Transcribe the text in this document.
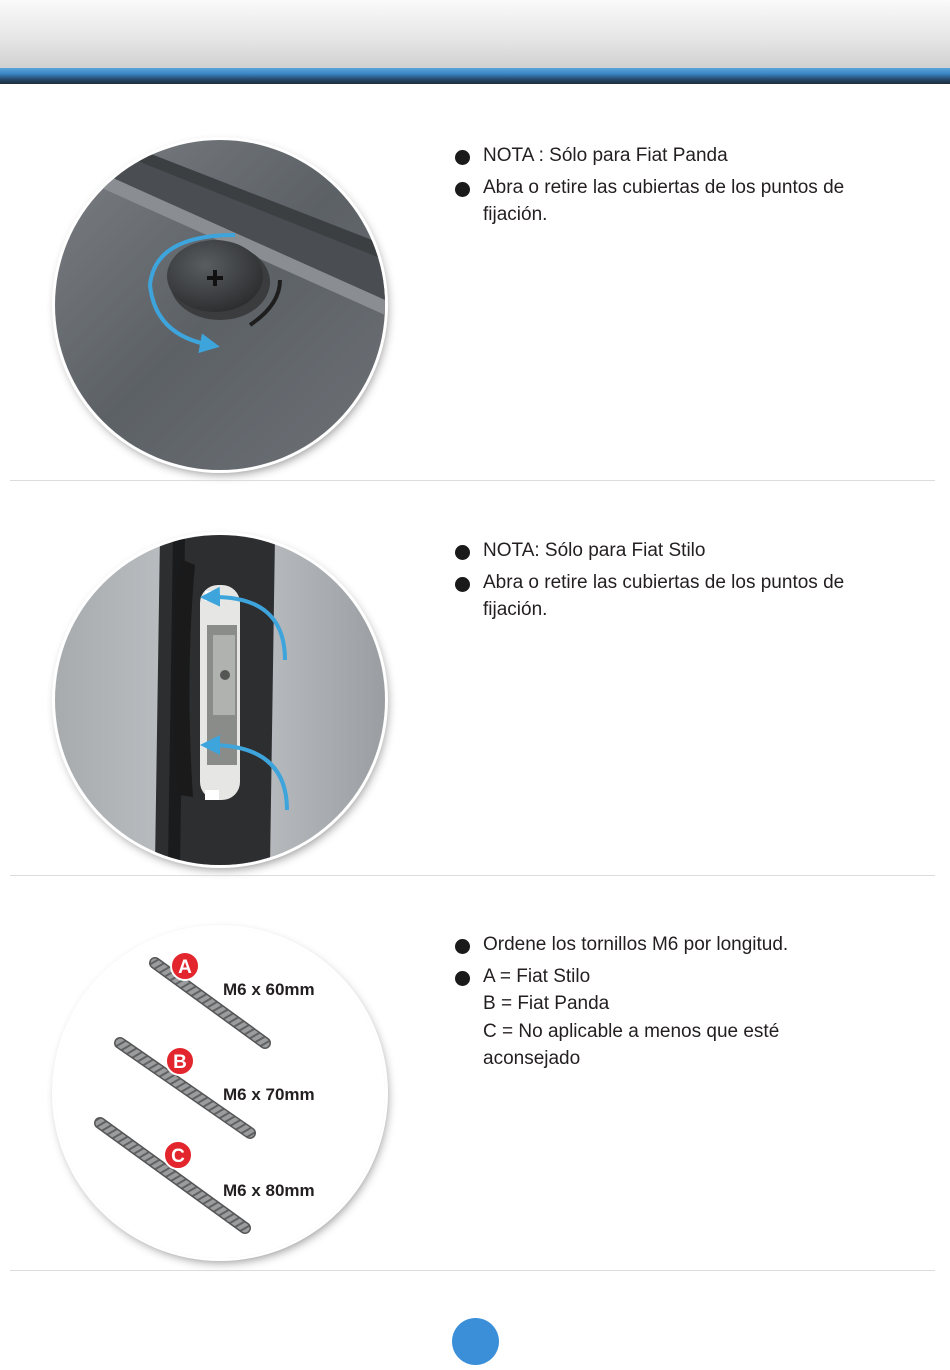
NOTA : Sólo para Fiat Panda
Abra o retire las cubiertas de los puntos de
fijación.
NOTA: Sólo para Fiat Stilo
Abra o retire las cubiertas de los puntos de
fijación.
A
M6 x 60mm
B
M6 x 70mm
C
M6 x 80mm
Ordene los tornillos M6 por longitud.
A = Fiat Stilo
B = Fiat Panda
C = No aplicable a menos que esté
aconsejado
